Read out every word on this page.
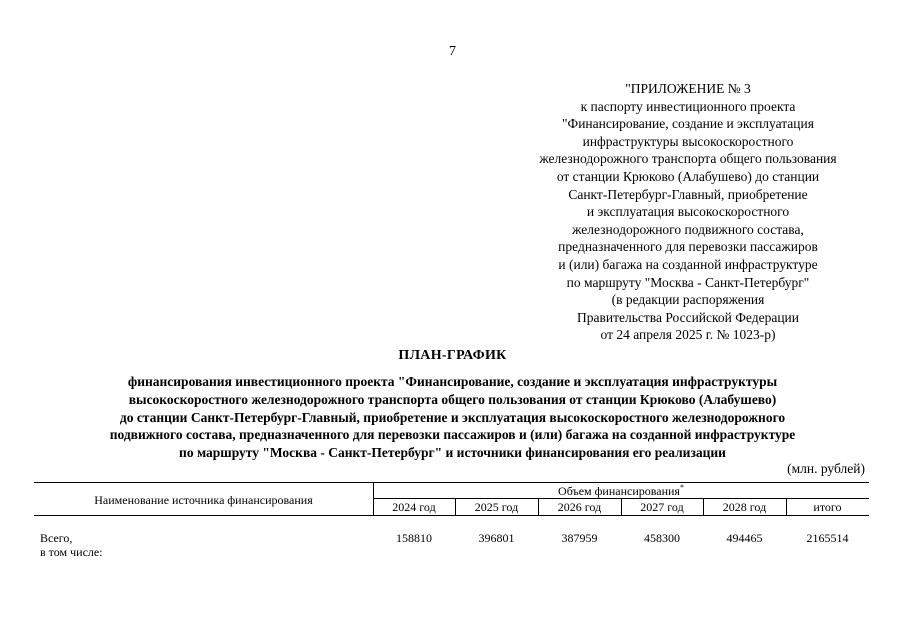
7
"ПРИЛОЖЕНИЕ № 3
к паспорту инвестиционного проекта
"Финансирование, создание и эксплуатация
инфраструктуры высокоскоростного
железнодорожного транспорта общего пользования
от станции Крюково (Алабушево) до станции
Санкт-Петербург-Главный, приобретение
и эксплуатация высокоскоростного
железнодорожного подвижного состава,
предназначенного для перевозки пассажиров
и (или) багажа на созданной инфраструктуре
по маршруту "Москва - Санкт-Петербург"
(в редакции распоряжения
Правительства Российской Федерации
от 24 апреля 2025 г. № 1023-р)
ПЛАН-ГРАФИК
финансирования инвестиционного проекта "Финансирование, создание и эксплуатация инфраструктуры
высокоскоростного железнодорожного транспорта общего пользования от станции Крюково (Алабушево)
до станции Санкт-Петербург-Главный, приобретение и эксплуатация высокоскоростного железнодорожного
подвижного состава, предназначенного для перевозки пассажиров и (или) багажа на созданной инфраструктуре
по маршруту "Москва - Санкт-Петербург" и источники финансирования его реализации
(млн. рублей)
Наименование источника финансирования
Объем финансирования*
2024 год	2025 год	2026 год	2027 год	2028 год	итого
Всего,
в том числе:
158810	396801	387959	458300	494465	2165514
